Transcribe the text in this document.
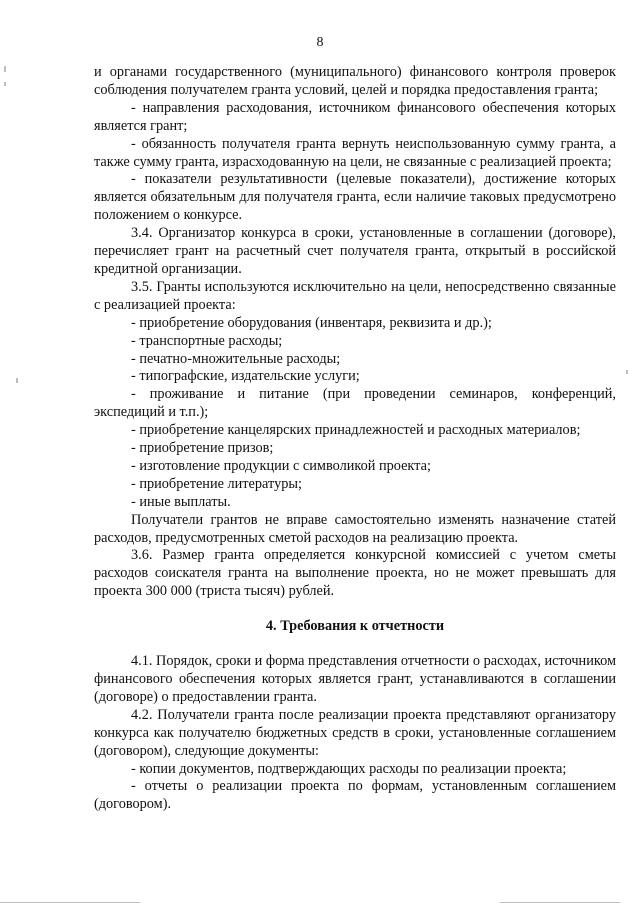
8

и органами государственного (муниципального) финансового контроля проверок соблюдения получателем гранта условий, целей и порядка предоставления гранта;

- направления расходования, источником финансового обеспечения которых является грант;

- обязанность получателя гранта вернуть неиспользованную сумму гранта, а также сумму гранта, израсходованную на цели, не связанные с реализацией проекта;

- показатели результативности (целевые показатели), достижение которых является обязательным для получателя гранта, если наличие таковых предусмотрено положением о конкурсе.

3.4. Организатор конкурса в сроки, установленные в соглашении (договоре), перечисляет грант на расчетный счет получателя гранта, открытый в российской кредитной организации.

3.5. Гранты используются исключительно на цели, непосредственно связанные с реализацией проекта:

- приобретение оборудования (инвентаря, реквизита и др.);

- транспортные расходы;

- печатно-множительные расходы;

- типографские, издательские услуги;

- проживание и питание (при проведении семинаров, конференций, экспедиций и т.п.);

- приобретение канцелярских принадлежностей и расходных материалов;

- приобретение призов;

- изготовление продукции с символикой проекта;

- приобретение литературы;

- иные выплаты.

Получатели грантов не вправе самостоятельно изменять назначение статей расходов, предусмотренных сметой расходов на реализацию проекта.

3.6. Размер гранта определяется конкурсной комиссией с учетом сметы расходов соискателя гранта на выполнение проекта, но не может превышать для проекта 300 000 (триста тысяч) рублей.

4. Требования к отчетности

4.1. Порядок, сроки и форма представления отчетности о расходах, источником финансового обеспечения которых является грант, устанавливаются в соглашении (договоре) о предоставлении гранта.

4.2. Получатели гранта после реализации проекта представляют организатору конкурса как получателю бюджетных средств в сроки, установленные соглашением (договором), следующие документы:

- копии документов, подтверждающих расходы по реализации проекта;

- отчеты о реализации проекта по формам, установленным соглашением (договором).
